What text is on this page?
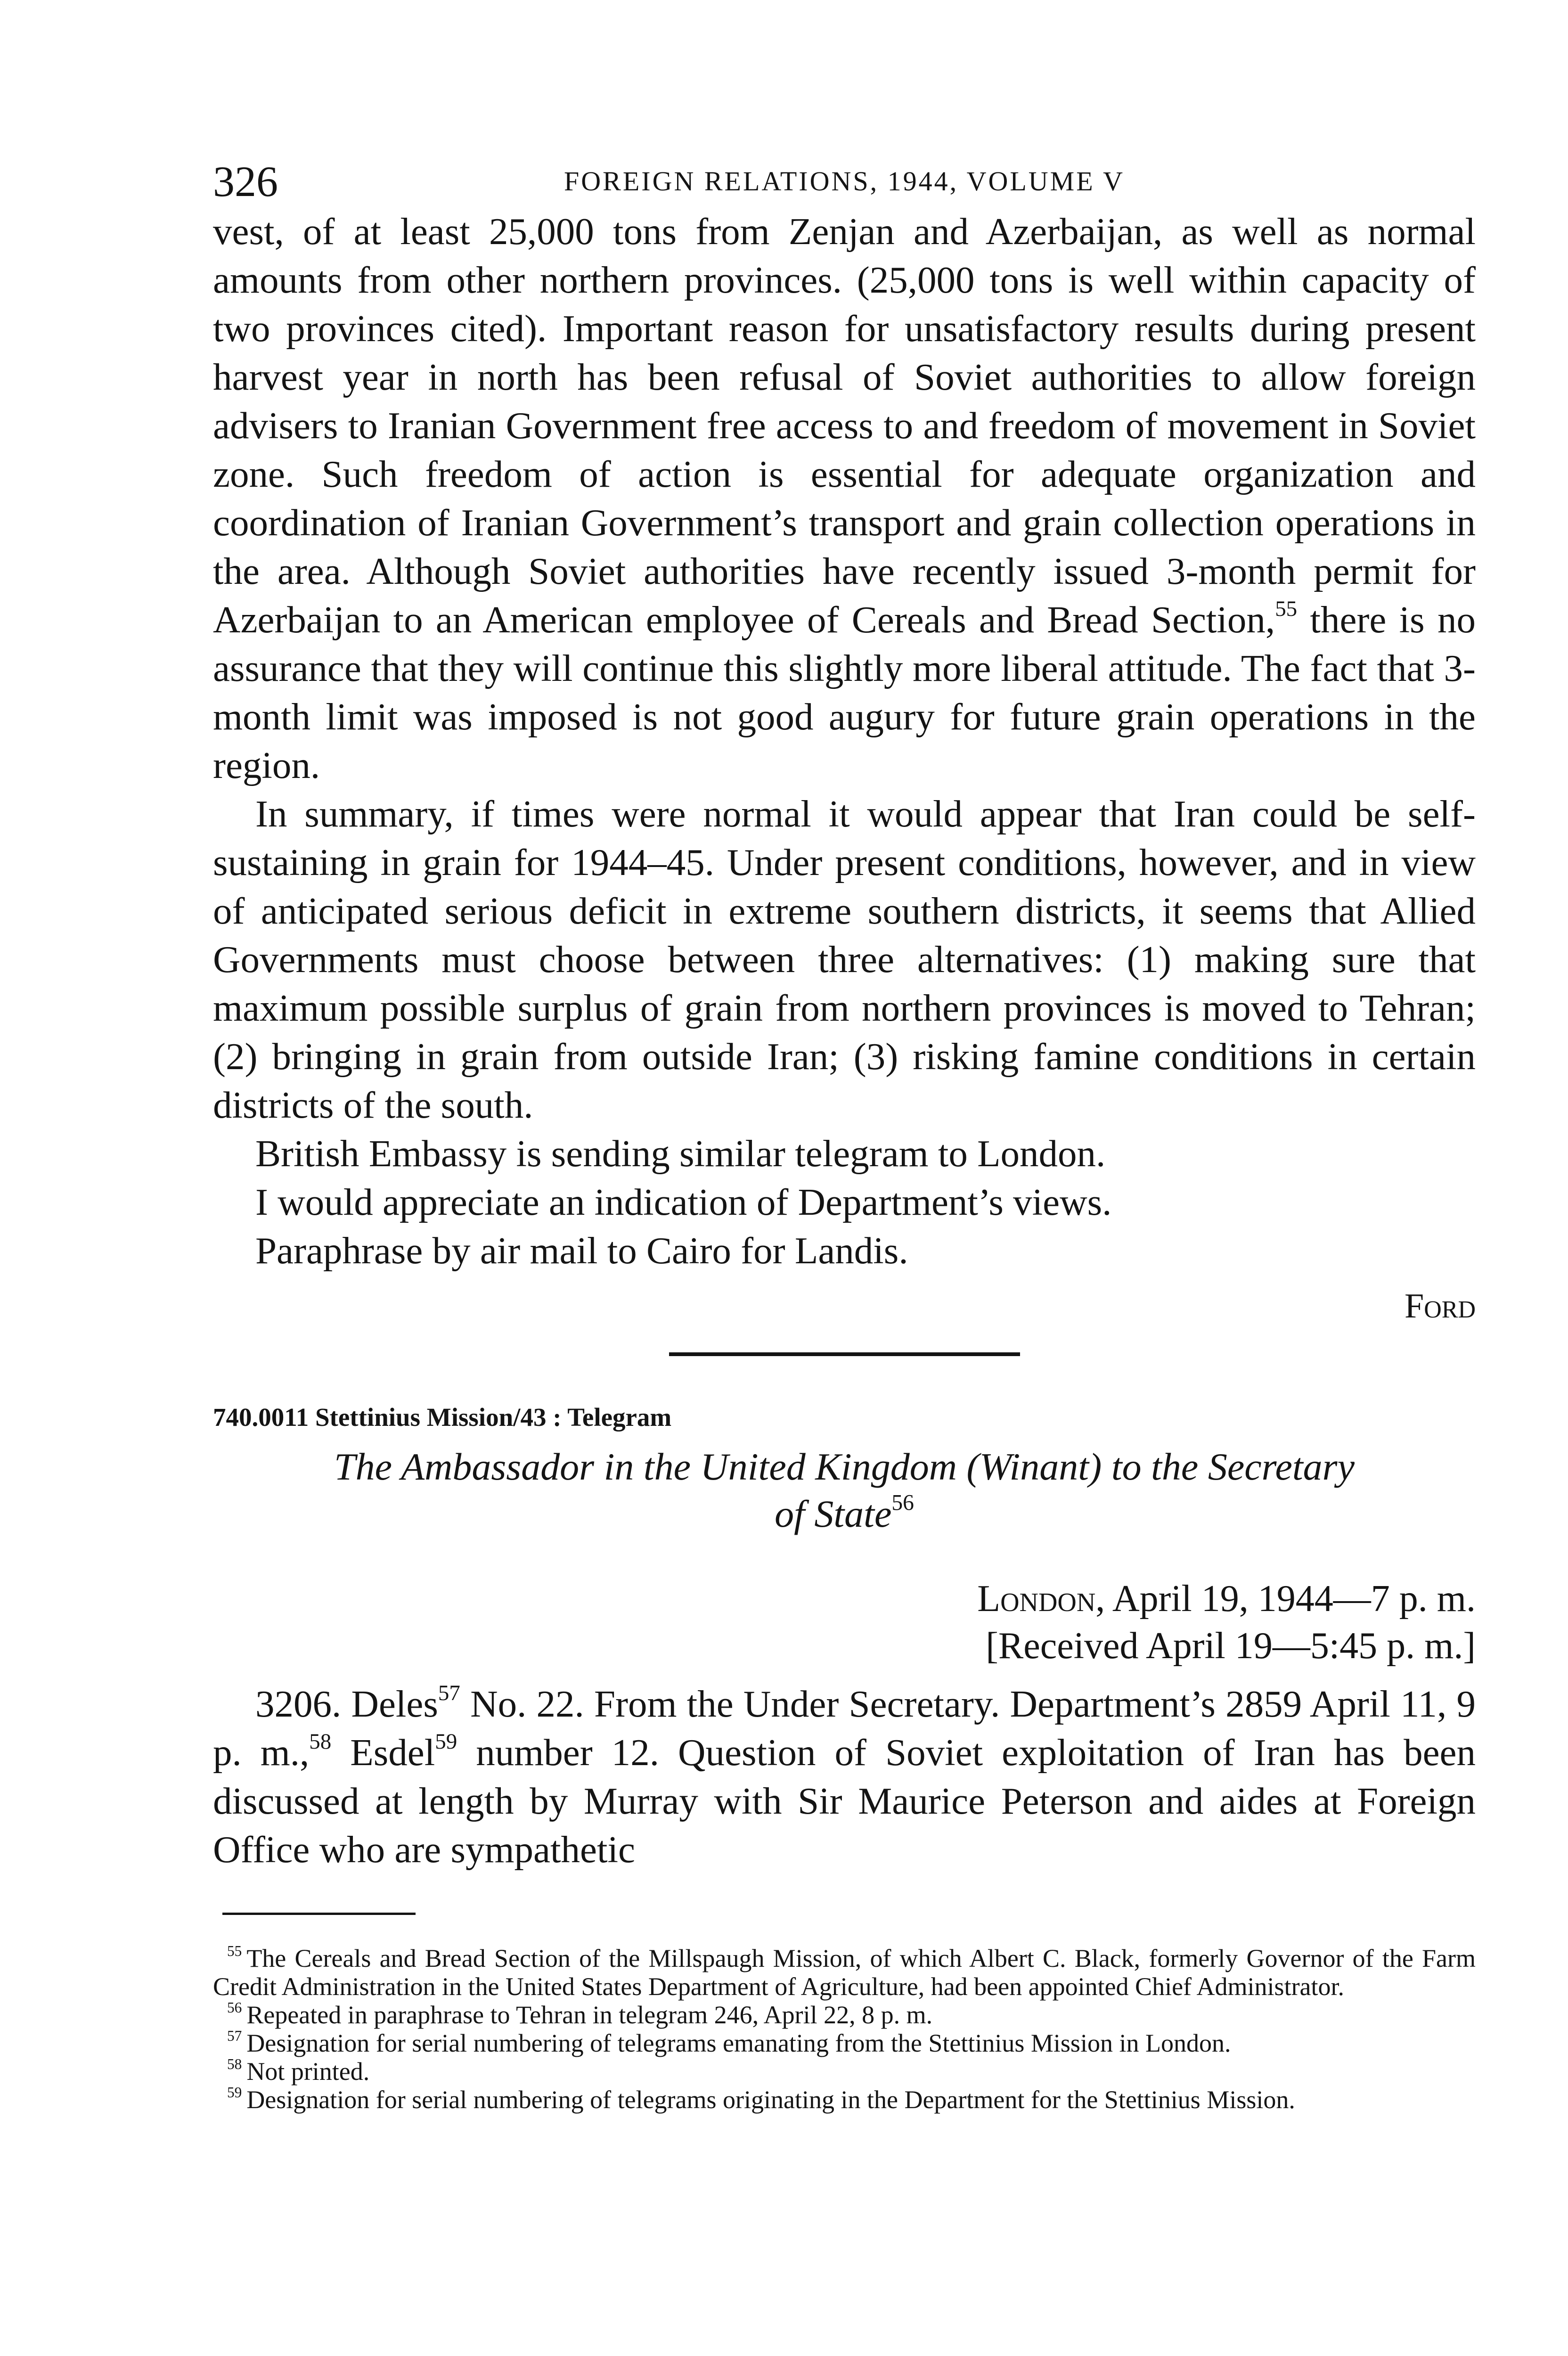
326	FOREIGN RELATIONS, 1944, VOLUME V

vest, of at least 25,000 tons from Zenjan and Azerbaijan, as well as normal amounts from other northern provinces. (25,000 tons is well within capacity of two provinces cited). Important reason for unsatisfactory results during present harvest year in north has been refusal of Soviet authorities to allow foreign advisers to Iranian Government free access to and freedom of movement in Soviet zone. Such freedom of action is essential for adequate organization and coordination of Iranian Government’s transport and grain collection operations in the area. Although Soviet authorities have recently issued 3-month permit for Azerbaijan to an American employee of Cereals and Bread Section,$^{55}$ there is no assurance that they will continue this slightly more liberal attitude. The fact that 3-month limit was imposed is not good augury for future grain operations in the region.

In summary, if times were normal it would appear that Iran could be self-sustaining in grain for 1944–45. Under present conditions, however, and in view of anticipated serious deficit in extreme southern districts, it seems that Allied Governments must choose between three alternatives: (1) making sure that maximum possible surplus of grain from northern provinces is moved to Tehran; (2) bringing in grain from outside Iran; (3) risking famine conditions in certain districts of the south.

British Embassy is sending similar telegram to London.

I would appreciate an indication of Department’s views.

Paraphrase by air mail to Cairo for Landis.

Ford
740.0011 Stettinius Mission/43 : Telegram
The Ambassador in the United Kingdom (Winant) to the Secretary
of State$^{56}$
London, April 19, 1944—7 p. m.
[Received April 19—5:45 p. m.]

3206. Deles$^{57}$ No. 22. From the Under Secretary. Department’s 2859 April 11, 9 p. m.,$^{58}$ Esdel$^{59}$ number 12. Question of Soviet exploitation of Iran has been discussed at length by Murray with Sir Maurice Peterson and aides at Foreign Office who are sympathetic

$^{55}$ The Cereals and Bread Section of the Millspaugh Mission, of which Albert C. Black, formerly Governor of the Farm Credit Administration in the United States Department of Agriculture, had been appointed Chief Administrator.

$^{56}$ Repeated in paraphrase to Tehran in telegram 246, April 22, 8 p. m.

$^{57}$ Designation for serial numbering of telegrams emanating from the Stettinius Mission in London.

$^{58}$ Not printed.

$^{59}$ Designation for serial numbering of telegrams originating in the Department for the Stettinius Mission.
